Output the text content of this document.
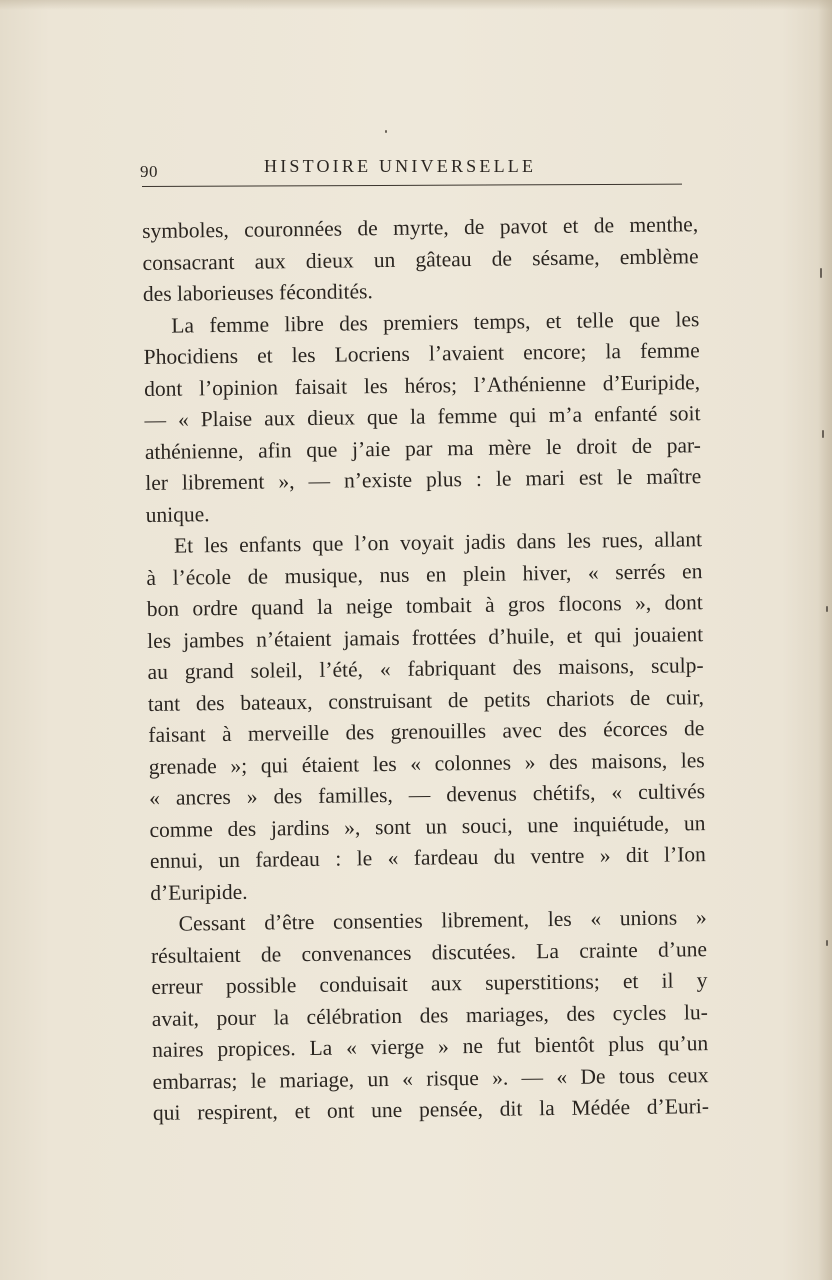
90	HISTOIRE UNIVERSELLE
symboles, couronnées de myrte, de pavot et de menthe,
consacrant aux dieux un gâteau de sésame, emblème
des laborieuses fécondités.
La femme libre des premiers temps, et telle que les
Phocidiens et les Locriens l’avaient encore; la femme
dont l’opinion faisait les héros; l’Athénienne d’Euripide,
— « Plaise aux dieux que la femme qui m’a enfanté soit
athénienne, afin que j’aie par ma mère le droit de par-
ler librement », — n’existe plus : le mari est le maître
unique.
Et les enfants que l’on voyait jadis dans les rues, allant
à l’école de musique, nus en plein hiver, « serrés en
bon ordre quand la neige tombait à gros flocons », dont
les jambes n’étaient jamais frottées d’huile, et qui jouaient
au grand soleil, l’été, « fabriquant des maisons, sculp-
tant des bateaux, construisant de petits chariots de cuir,
faisant à merveille des grenouilles avec des écorces de
grenade »; qui étaient les « colonnes » des maisons, les
« ancres » des familles, — devenus chétifs, « cultivés
comme des jardins », sont un souci, une inquiétude, un
ennui, un fardeau : le « fardeau du ventre » dit l’Ion
d’Euripide.
Cessant d’être consenties librement, les « unions »
résultaient de convenances discutées. La crainte d’une
erreur possible conduisait aux superstitions; et il y
avait, pour la célébration des mariages, des cycles lu-
naires propices. La « vierge » ne fut bientôt plus qu’un
embarras; le mariage, un « risque ». — « De tous ceux
qui respirent, et ont une pensée, dit la Médée d’Euri-
